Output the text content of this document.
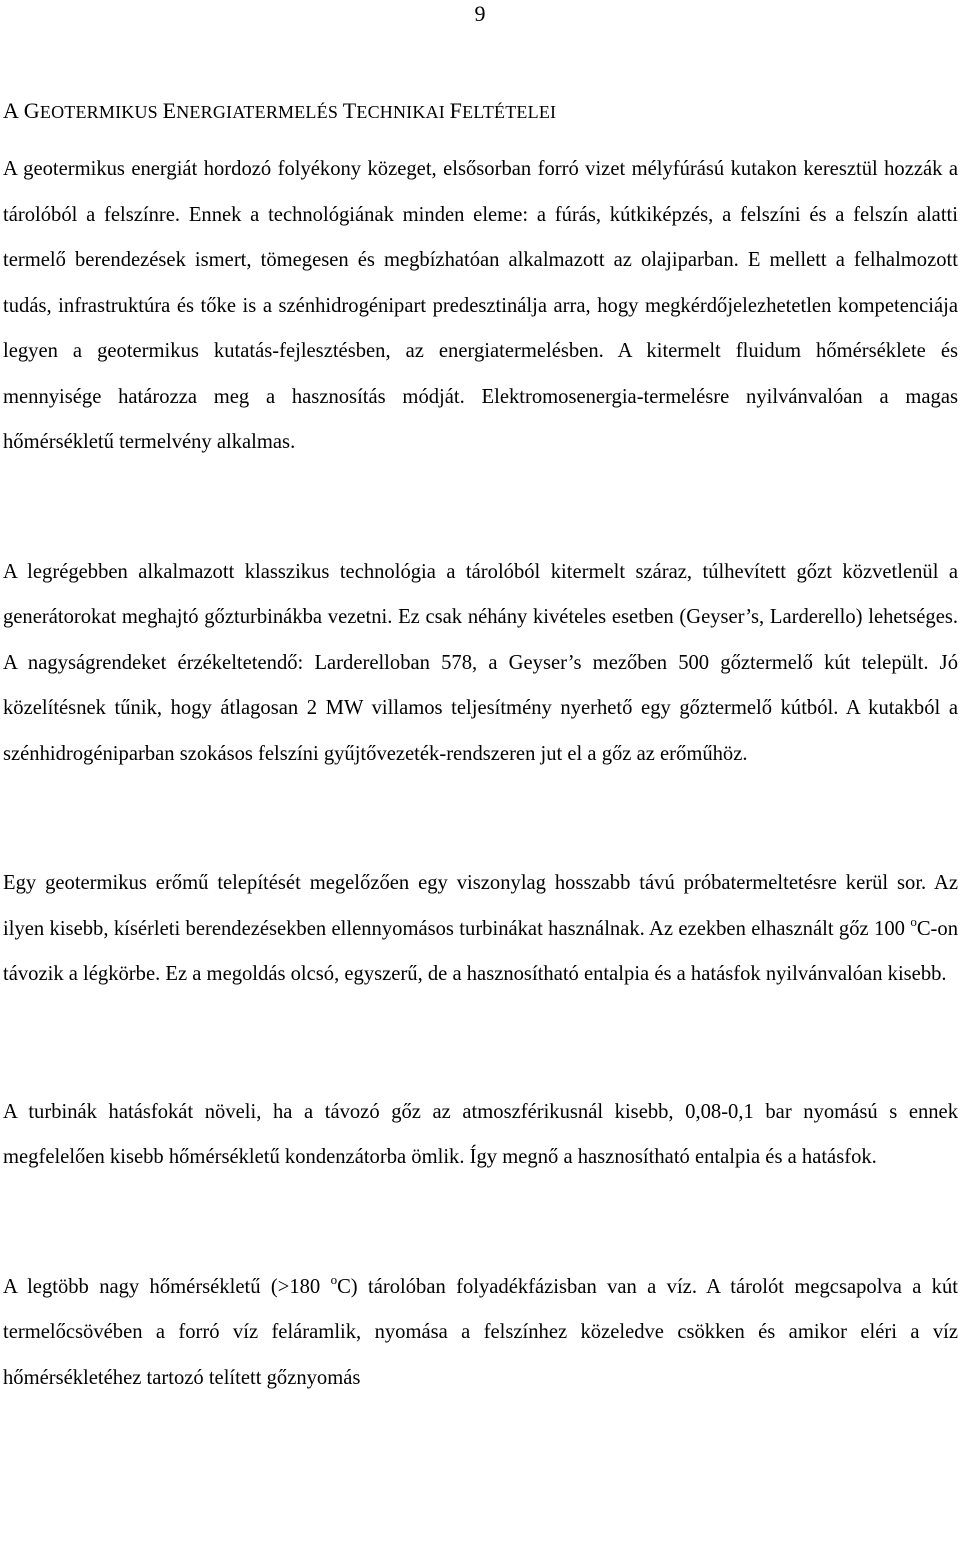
9
A GEOTERMIKUS ENERGIATERMELÉS TECHNIKAI FELTÉTELEI

A geotermikus energiát hordozó folyékony közeget, elsősorban forró vizet mélyfúrású kutakon keresztül hozzák a tárolóból a felszínre. Ennek a technológiának minden eleme: a fúrás, kútkiképzés, a felszíni és a felszín alatti termelő berendezések ismert, tömegesen és megbízhatóan alkalmazott az olajiparban. E mellett a felhalmozott tudás, infrastruktúra és tőke is a szénhidrogénipart predesztinálja arra, hogy megkérdőjelezhetetlen kompetenciája legyen a geotermikus kutatás-fejlesztésben, az energiatermelésben. A kitermelt fluidum hőmérséklete és mennyisége határozza meg a hasznosítás módját. Elektromosenergia-termelésre nyilvánvalóan a magas hőmérsékletű termelvény alkalmas.

A legrégebben alkalmazott klasszikus technológia a tárolóból kitermelt száraz, túlhevített gőzt közvetlenül a generátorokat meghajtó gőzturbinákba vezetni. Ez csak néhány kivételes esetben (Geyser’s, Larderello) lehetséges. A nagyságrendeket érzékeltetendő: Larderelloban 578, a Geyser’s mezőben 500 gőztermelő kút települt. Jó közelítésnek tűnik, hogy átlagosan 2 MW villamos teljesítmény nyerhető egy gőztermelő kútból. A kutakból a szénhidrogéniparban szokásos felszíni gyűjtővezeték-rendszeren jut el a gőz az erőműhöz.

Egy geotermikus erőmű telepítését megelőzően egy viszonylag hosszabb távú próbatermeltetésre kerül sor. Az ilyen kisebb, kísérleti berendezésekben ellennyomásos turbinákat használnak. Az ezekben elhasznált gőz 100 $^o$C-on távozik a légkörbe. Ez a megoldás olcsó, egyszerű, de a hasznosítható entalpia és a hatásfok nyilvánvalóan kisebb.

A turbinák hatásfokát növeli, ha a távozó gőz az atmoszférikusnál kisebb, 0,08-0,1 bar nyomású s ennek megfelelően kisebb hőmérsékletű kondenzátorba ömlik. Így megnő a hasznosítható entalpia és a hatásfok.

A legtöbb nagy hőmérsékletű (>180 $^o$C) tárolóban folyadékfázisban van a víz. A tárolót megcsapolva a kút termelőcsövében a forró víz feláramlik, nyomása a felszínhez közeledve csökken és amikor eléri a víz hőmérsékletéhez tartozó telített gőznyomás
